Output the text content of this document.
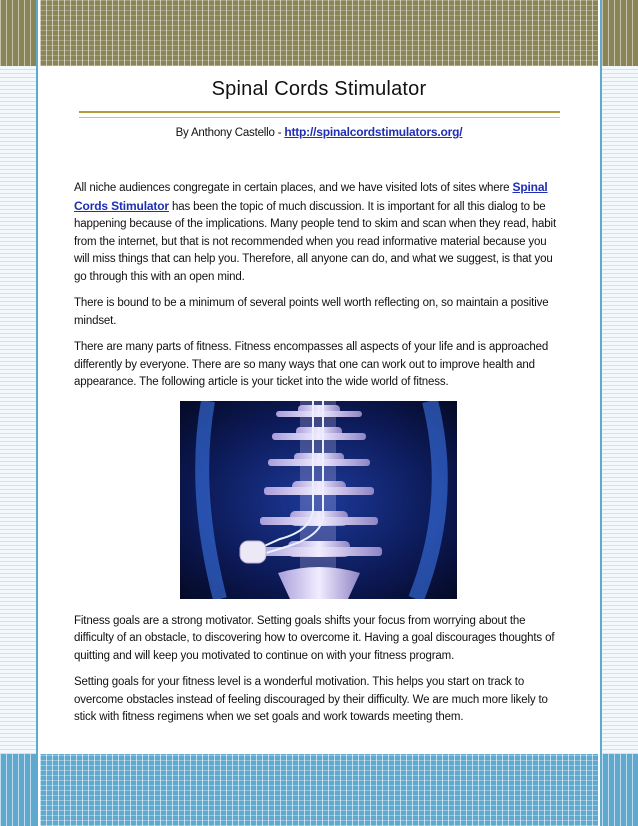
Spinal Cords Stimulator
By Anthony Castello - http://spinalcordstimulators.org/

All niche audiences congregate in certain places, and we have visited lots of sites where Spinal Cords Stimulator has been the topic of much discussion. It is important for all this dialog to be happening because of the implications. Many people tend to skim and scan when they read, habit from the internet, but that is not recommended when you read informative material because you will miss things that can help you. Therefore, all anyone can do, and what we suggest, is that you go through this with an open mind.

There is bound to be a minimum of several points well worth reflecting on, so maintain a positive mindset.

There are many parts of fitness. Fitness encompasses all aspects of your life and is approached differently by everyone. There are so many ways that one can work out to improve health and appearance. The following article is your ticket into the wide world of fitness.

Fitness goals are a strong motivator. Setting goals shifts your focus from worrying about the difficulty of an obstacle, to discovering how to overcome it. Having a goal discourages thoughts of quitting and will keep you motivated to continue on with your fitness program.

Setting goals for your fitness level is a wonderful motivation. This helps you start on track to overcome obstacles instead of feeling discouraged by their difficulty. We are much more likely to stick with fitness regimens when we set goals and work towards meeting them.
